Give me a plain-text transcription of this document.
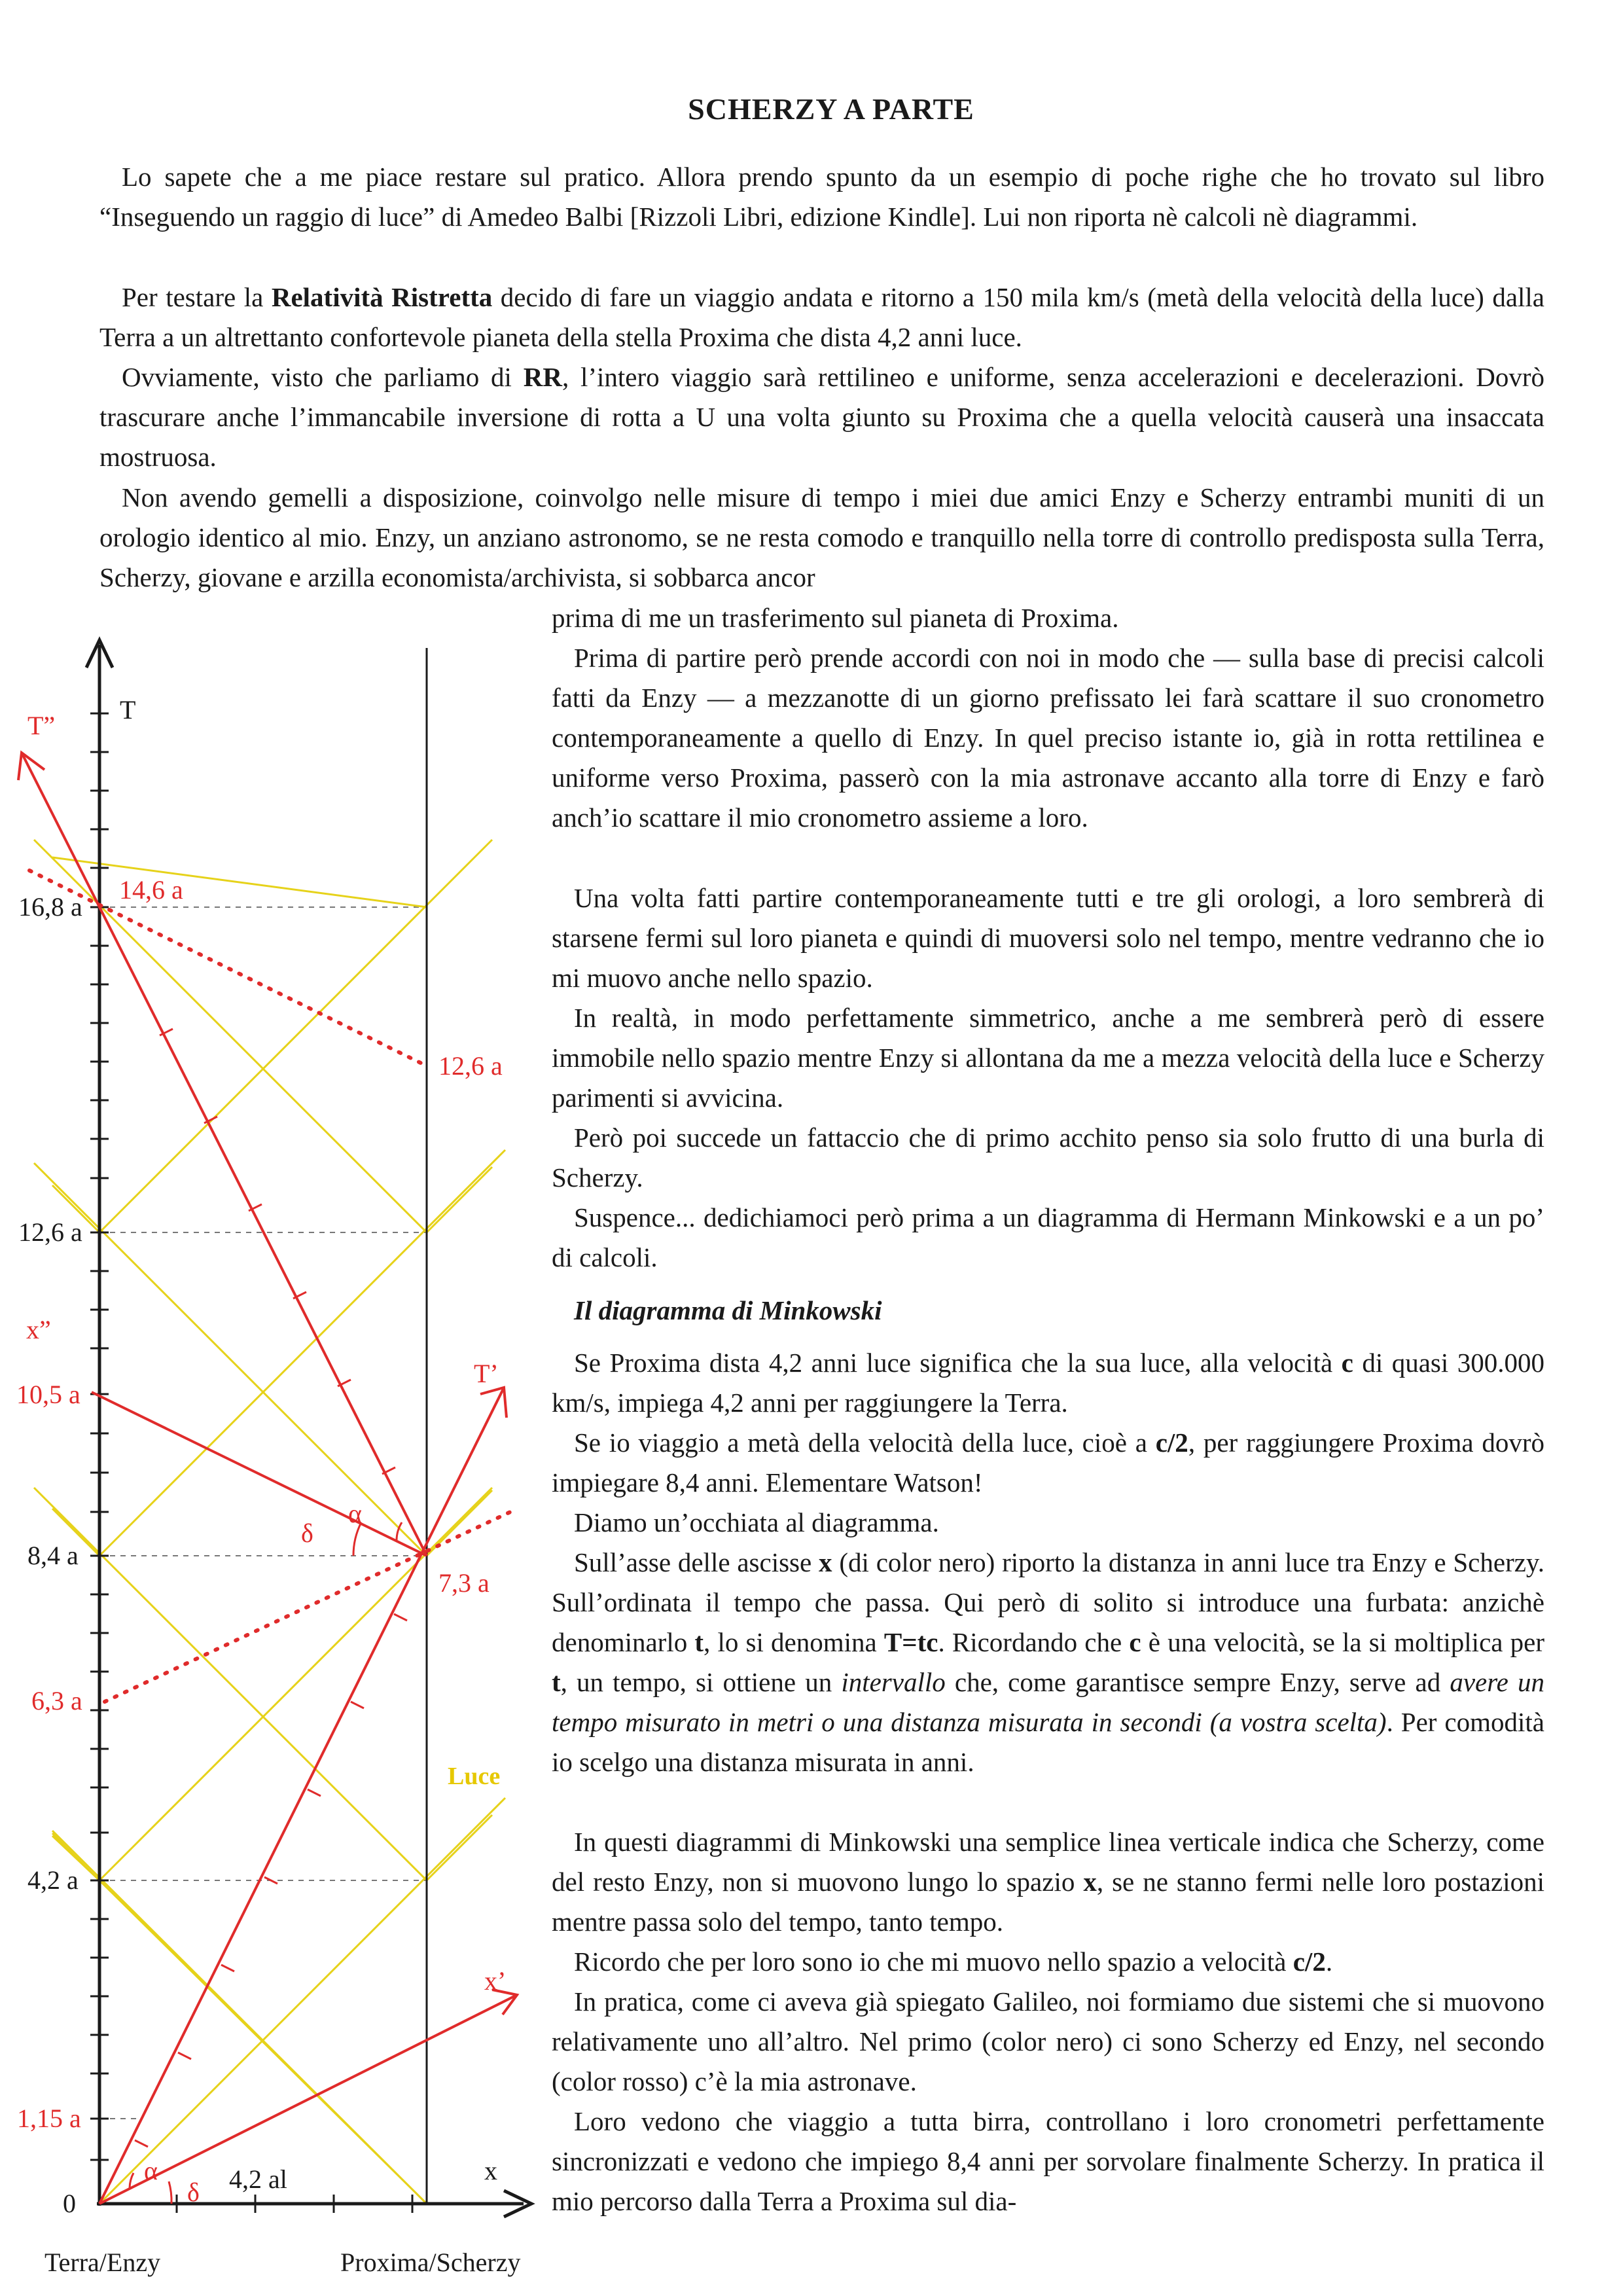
SCHERZY A PARTE

Lo sapete che a me piace restare sul pratico. Allora prendo spunto da un esempio di poche righe che ho trovato sul libro “Inseguendo un raggio di luce” di Amedeo Balbi [Rizzoli Libri, edizione Kindle]. Lui non riporta nè calcoli nè diagrammi.

Per testare la Relatività Ristretta decido di fare un viaggio andata e ritorno a 150 mila km/s (metà della velocità della luce) dalla Terra a un altrettanto confortevole pianeta della stella Proxima che dista 4,2 anni luce.

Ovviamente, visto che parliamo di RR, l’intero viaggio sarà rettilineo e uniforme, senza accelerazioni e decelerazioni. Dovrò trascurare anche l’immancabile inversione di rotta a U una volta giunto su Proxima che a quella velocità causerà una insaccata mostruosa.

Non avendo gemelli a disposizione, coinvolgo nelle misure di tempo i miei due amici Enzy e Scherzy entrambi muniti di un orologio identico al mio. Enzy, un anziano astronomo, se ne resta comodo e tranquillo nella torre di controllo predisposta sulla Terra, Scherzy, giovane e arzilla economista/archivista, si sobbarca ancor

prima di me un trasferimento sul pianeta di Proxima.

Prima di partire però prende accordi con noi in modo che — sulla base di precisi calcoli fatti da Enzy — a mezzanotte di un giorno prefissato lei farà scattare il suo cronometro contemporaneamente a quello di Enzy. In quel preciso istante io, già in rotta rettilinea e uniforme verso Proxima, passerò con la mia astronave accanto alla torre di Enzy e farò anch’io scattare il mio cronometro assieme a loro.

Una volta fatti partire contemporaneamente tutti e tre gli orologi, a loro sembrerà di starsene fermi sul loro pianeta e quindi di muoversi solo nel tempo, mentre vedranno che io mi muovo anche nello spazio.

In realtà, in modo perfettamente simmetrico, anche a me sembrerà però di essere immobile nello spazio mentre Enzy si allontana da me a mezza velocità della luce e Scherzy parimenti si avvicina.

Però poi succede un fattaccio che di primo acchito penso sia solo frutto di una burla di Scherzy.

Suspence... dedichiamoci però prima a un diagramma di Hermann Minkowski e a un po’ di calcoli.

Il diagramma di Minkowski

Se Proxima dista 4,2 anni luce significa che la sua luce, alla velocità c di quasi 300.000 km/s, impiega 4,2 anni per raggiungere la Terra.

Se io viaggio a metà della velocità della luce, cioè a c/2, per raggiungere Proxima dovrò impiegare 8,4 anni. Elementare Watson!

Diamo un’occhiata al diagramma.

Sull’asse delle ascisse x (di color nero) riporto la distanza in anni luce tra Enzy e Scherzy. Sull’ordinata il tempo che passa. Qui però di solito si introduce una furbata: anzichè denominarlo t, lo si denomina T=tc. Ricordando che c è una velocità, se la si moltiplica per t, un tempo, si ottiene un intervallo che, come garantisce sempre Enzy, serve ad avere un tempo misurato in metri o una distanza misurata in secondi (a vostra scelta). Per comodità io scelgo una distanza misurata in anni.

In questi diagrammi di Minkowski una semplice linea verticale indica che Scherzy, come del resto Enzy, non si muovono lungo lo spazio x, se ne stanno fermi nelle loro postazioni mentre passa solo del tempo, tanto tempo.

Ricordo che per loro sono io che mi muovo nello spazio a velocità c/2.

In pratica, come ci aveva già spiegato Galileo, noi formiamo due sistemi che si muovono relativamente uno all’altro. Nel primo (color nero) ci sono Scherzy ed Enzy, nel secondo (color rosso) c’è la mia astronave.

Loro vedono che viaggio a tutta birra, controllano i loro cronometri perfettamente sincronizzati e vedono che impiego 8,4 anni per sorvolare finalmente Scherzy. In pratica il mio percorso dalla Terra a Proxima sul dia-

T
x
T”
x”
T’
x’
16,8 a
12,6 a
10,5 a
8,4 a
4,2 a
1,15 a
0
14,6 a
12,6 a
7,3 a
6,3 a
α
δ
α
δ
4,2 al
Luce
Terra/Enzy	Proxima/Scherzy
